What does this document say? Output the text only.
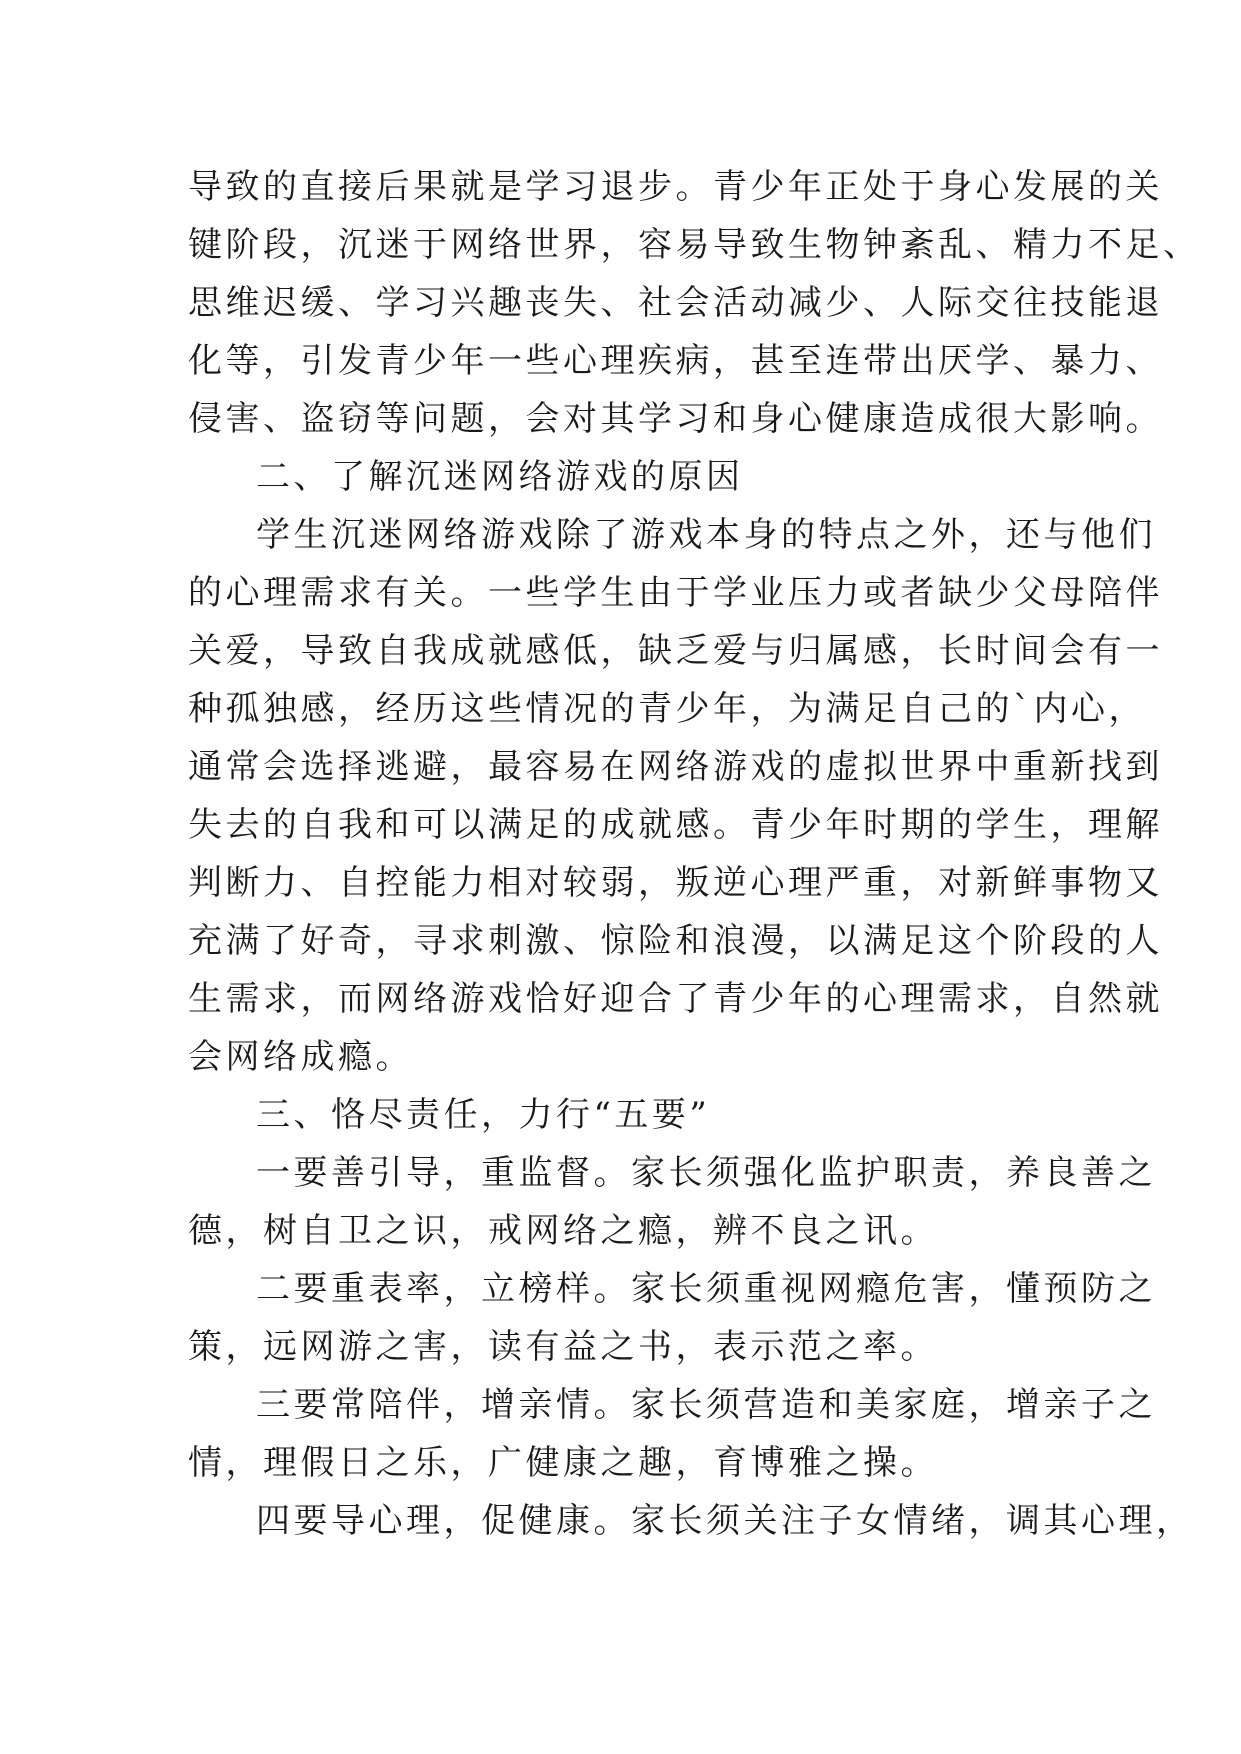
导致的直接后果就是学习退步。青少年正处于身心发展的关
键阶段，沉迷于网络世界，容易导致生物钟紊乱、精力不足、
思维迟缓、学习兴趣丧失、社会活动减少、人际交往技能退
化等，引发青少年一些心理疾病，甚至连带出厌学、暴力、
侵害、盗窃等问题，会对其学习和身心健康造成很大影响。
二、了解沉迷网络游戏的原因
学生沉迷网络游戏除了游戏本身的特点之外，还与他们
的心理需求有关。一些学生由于学业压力或者缺少父母陪伴
关爱，导致自我成就感低，缺乏爱与归属感，长时间会有一
种孤独感，经历这些情况的青少年，为满足自己的`内心，
通常会选择逃避，最容易在网络游戏的虚拟世界中重新找到
失去的自我和可以满足的成就感。青少年时期的学生，理解
判断力、自控能力相对较弱，叛逆心理严重，对新鲜事物又
充满了好奇，寻求刺激、惊险和浪漫，以满足这个阶段的人
生需求，而网络游戏恰好迎合了青少年的心理需求，自然就
会网络成瘾。
三、恪尽责任，力行“五要”
一要善引导，重监督。家长须强化监护职责，养良善之
德，树自卫之识，戒网络之瘾，辨不良之讯。
二要重表率，立榜样。家长须重视网瘾危害，懂预防之
策，远网游之害，读有益之书，表示范之率。
三要常陪伴，增亲情。家长须营造和美家庭，增亲子之
情，理假日之乐，广健康之趣，育博雅之操。
四要导心理，促健康。家长须关注子女情绪，调其心理，
